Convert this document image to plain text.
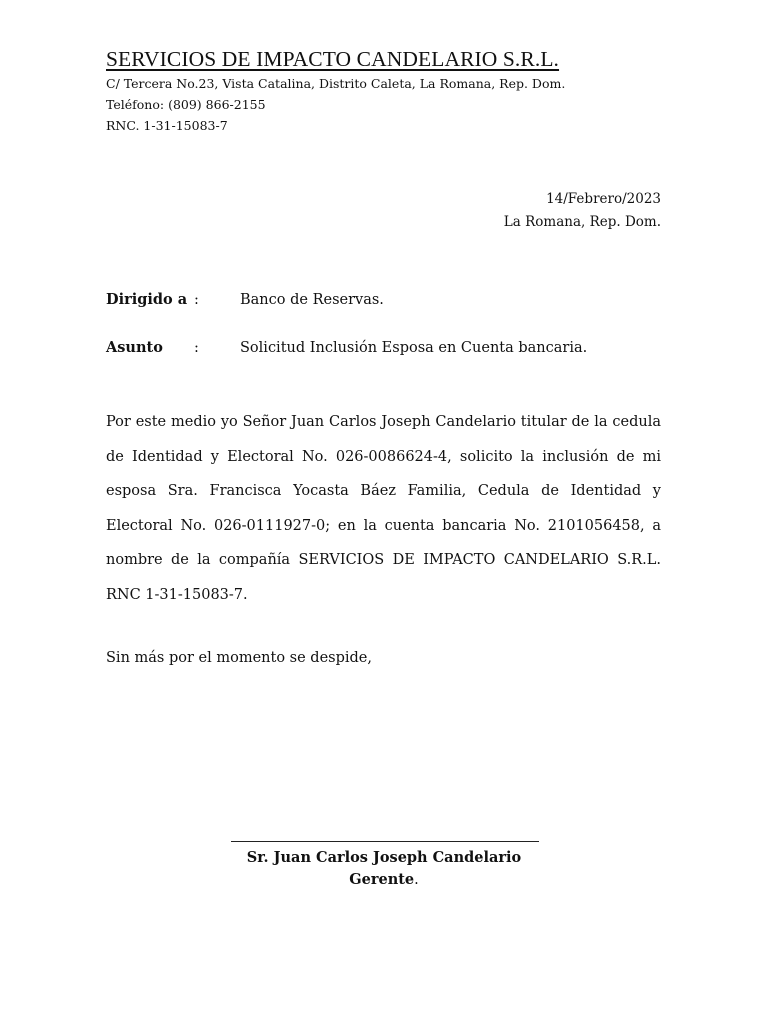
SERVICIOS DE IMPACTO CANDELARIO S.R.L.

C/ Tercera No.23, Vista Catalina, Distrito Caleta, La Romana, Rep. Dom.

Teléfono: (809) 866-2155

RNC. 1-31-15083-7

14/Febrero/2023
La Romana, Rep. Dom.
Dirigido a :	Banco de Reservas.
Asunto	:	Solicitud Inclusión Esposa en Cuenta bancaria.

Por este medio yo Señor Juan Carlos Joseph Candelario titular de la cedula de Identidad y Electoral No. 026-0086624-4, solicito la inclusión de mi esposa Sra. Francisca Yocasta Báez Familia, Cedula de Identidad y Electoral No. 026-0111927-0; en la cuenta bancaria No. 2101056458, a nombre de la compañía SERVICIOS DE IMPACTO CANDELARIO S.R.L. RNC 1-31-15083-7.

Sin más por el momento se despide,

Sr. Juan Carlos Joseph Candelario
Gerente.
